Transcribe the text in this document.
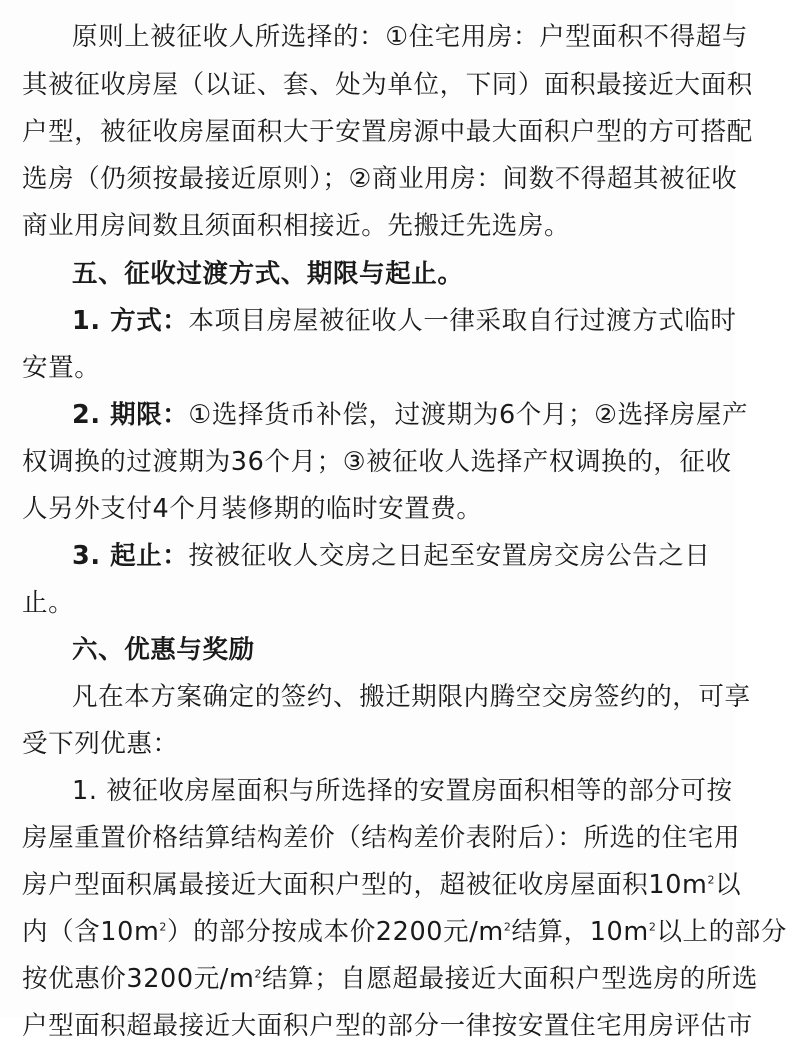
原则上被征收人所选择的：①住宅用房：户型面积不得超与
其被征收房屋（以证、套、处为单位，下同）面积最接近大面积
户型，被征收房屋面积大于安置房源中最大面积户型的方可搭配
选房（仍须按最接近原则）；②商业用房：间数不得超其被征收
商业用房间数且须面积相接近。先搬迁先选房。
五、征收过渡方式、期限与起止。
1. 方式：本项目房屋被征收人一律采取自行过渡方式临时
安置。
2. 期限：①选择货币补偿，过渡期为6个月；②选择房屋产
权调换的过渡期为36个月；③被征收人选择产权调换的，征收
人另外支付4个月装修期的临时安置费。
3. 起止：按被征收人交房之日起至安置房交房公告之日
止。
六、优惠与奖励
凡在本方案确定的签约、搬迁期限内腾空交房签约的，可享
受下列优惠：
1. 被征收房屋面积与所选择的安置房面积相等的部分可按
房屋重置价格结算结构差价（结构差价表附后）：所选的住宅用
房户型面积属最接近大面积户型的，超被征收房屋面积$10m^2$以
内（含$10m^2$）的部分按成本价2200元$/m^2$结算，$10m^2$以上的部分
按优惠价3200元$/m^2$结算；自愿超最接近大面积户型选房的所选
户型面积超最接近大面积户型的部分一律按安置住宅用房评估市
